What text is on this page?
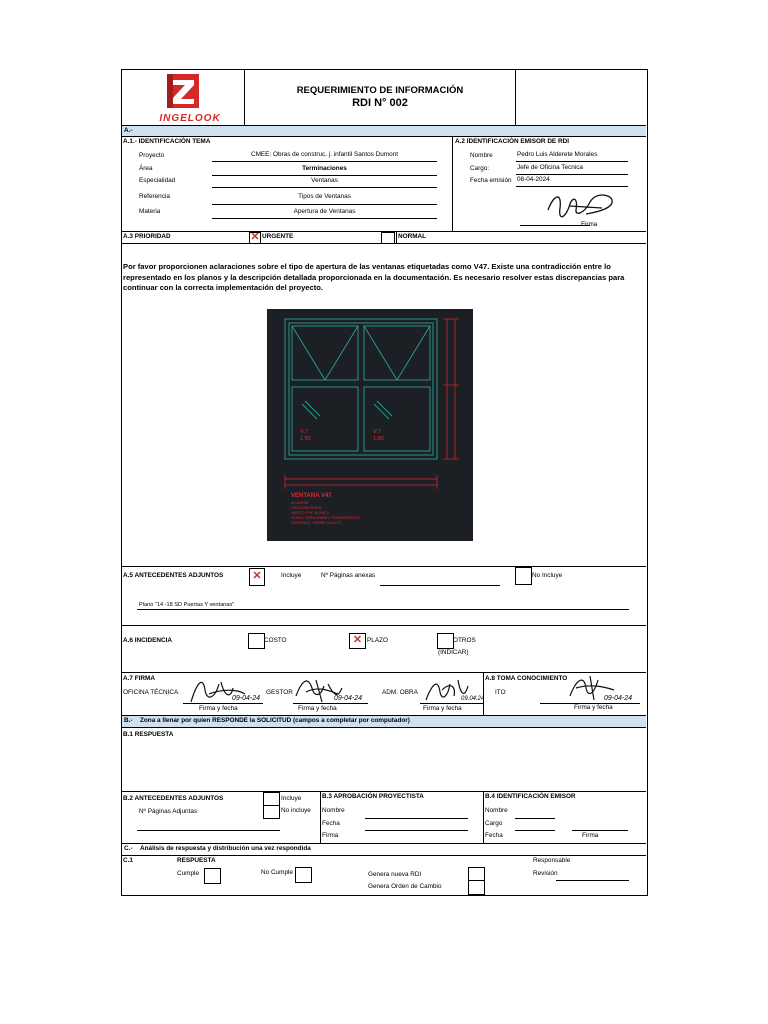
INGELOOK
REQUERIMIENTO DE INFORMACIÓN
RDI N° 002
A.-
A.1.- IDENTIFICACIÓN TEMA	A.2 IDENTIFICACIÓN EMISOR DE RDI
Proyecto	CMEE: Obras de construc. j. infantil Santos Dumont
Área	Terminaciones
Especialidad	Ventanas
Referencia	Tipos de Ventanas
Materia	Apertura de Ventanas
Nombre	Pedro Luis Alderete Morales
Cargo:	Jefe de Oficina Tecnica
Fecha emisión 08-04-2024
Firma
A.3 PRIORIDAD	✕ URGENTE	NORMAL
Por favor proporcionen aclaraciones sobre el tipo de apertura de las ventanas etiquetadas como V47. Existe una contradicción entre lo representado en los planos y la descripción detallada proporcionada en la documentación. Es necesario resolver estas discrepancias para continuar con la correcta implementación del proyecto.
V.7
1.80
V.7
1.80
VENTANA V47
ALUMINIO
OSCILOBATIENTE
MARCO: PVC BLANCO
VIDRIO: TERMOPANEL TRANSPARENTE
HERRAJES: CIERRE OCULTO
A.5 ANTECEDENTES ADJUNTOS	✕	Incluye	Nº Páginas anexas	No Incluye
Plano "14 -18 SD Puertas Y ventanas"
A.6 INCIDENCIA	COSTO	✕ PLAZO	OTROS
(INDICAR)
A.7 FIRMA	A.8 TOMA CONOCIMIENTO
OFICINA TÉCNICA	GESTOR	ADM. OBRA	ITO
09-04-24	09-04-24	09.04.24	09-04-24
Firma y fecha	Firma y fecha	Firma y fecha	Firma y fecha
B.- Zona a llenar por quien RESPONDE la SOLICITUD (campos a completar por computador)
B.1 RESPUESTA
B.2 ANTECEDENTES ADJUNTOS	Incluye
No incluye
Nº Páginas Adjuntas
B.3 APROBACIÓN PROYECTISTA
Nombre
Fecha
Firma
B.4 IDENTIFICACIÓN EMISOR
Nombre
Cargo
Fecha	Firma
C.- Análisis de respuesta y distribución una vez respondida
C.1	RESPUESTA
Cumple	No Cumple	Genera nueva RDI
Genera Orden de Cambio
Responsable
Revisión
